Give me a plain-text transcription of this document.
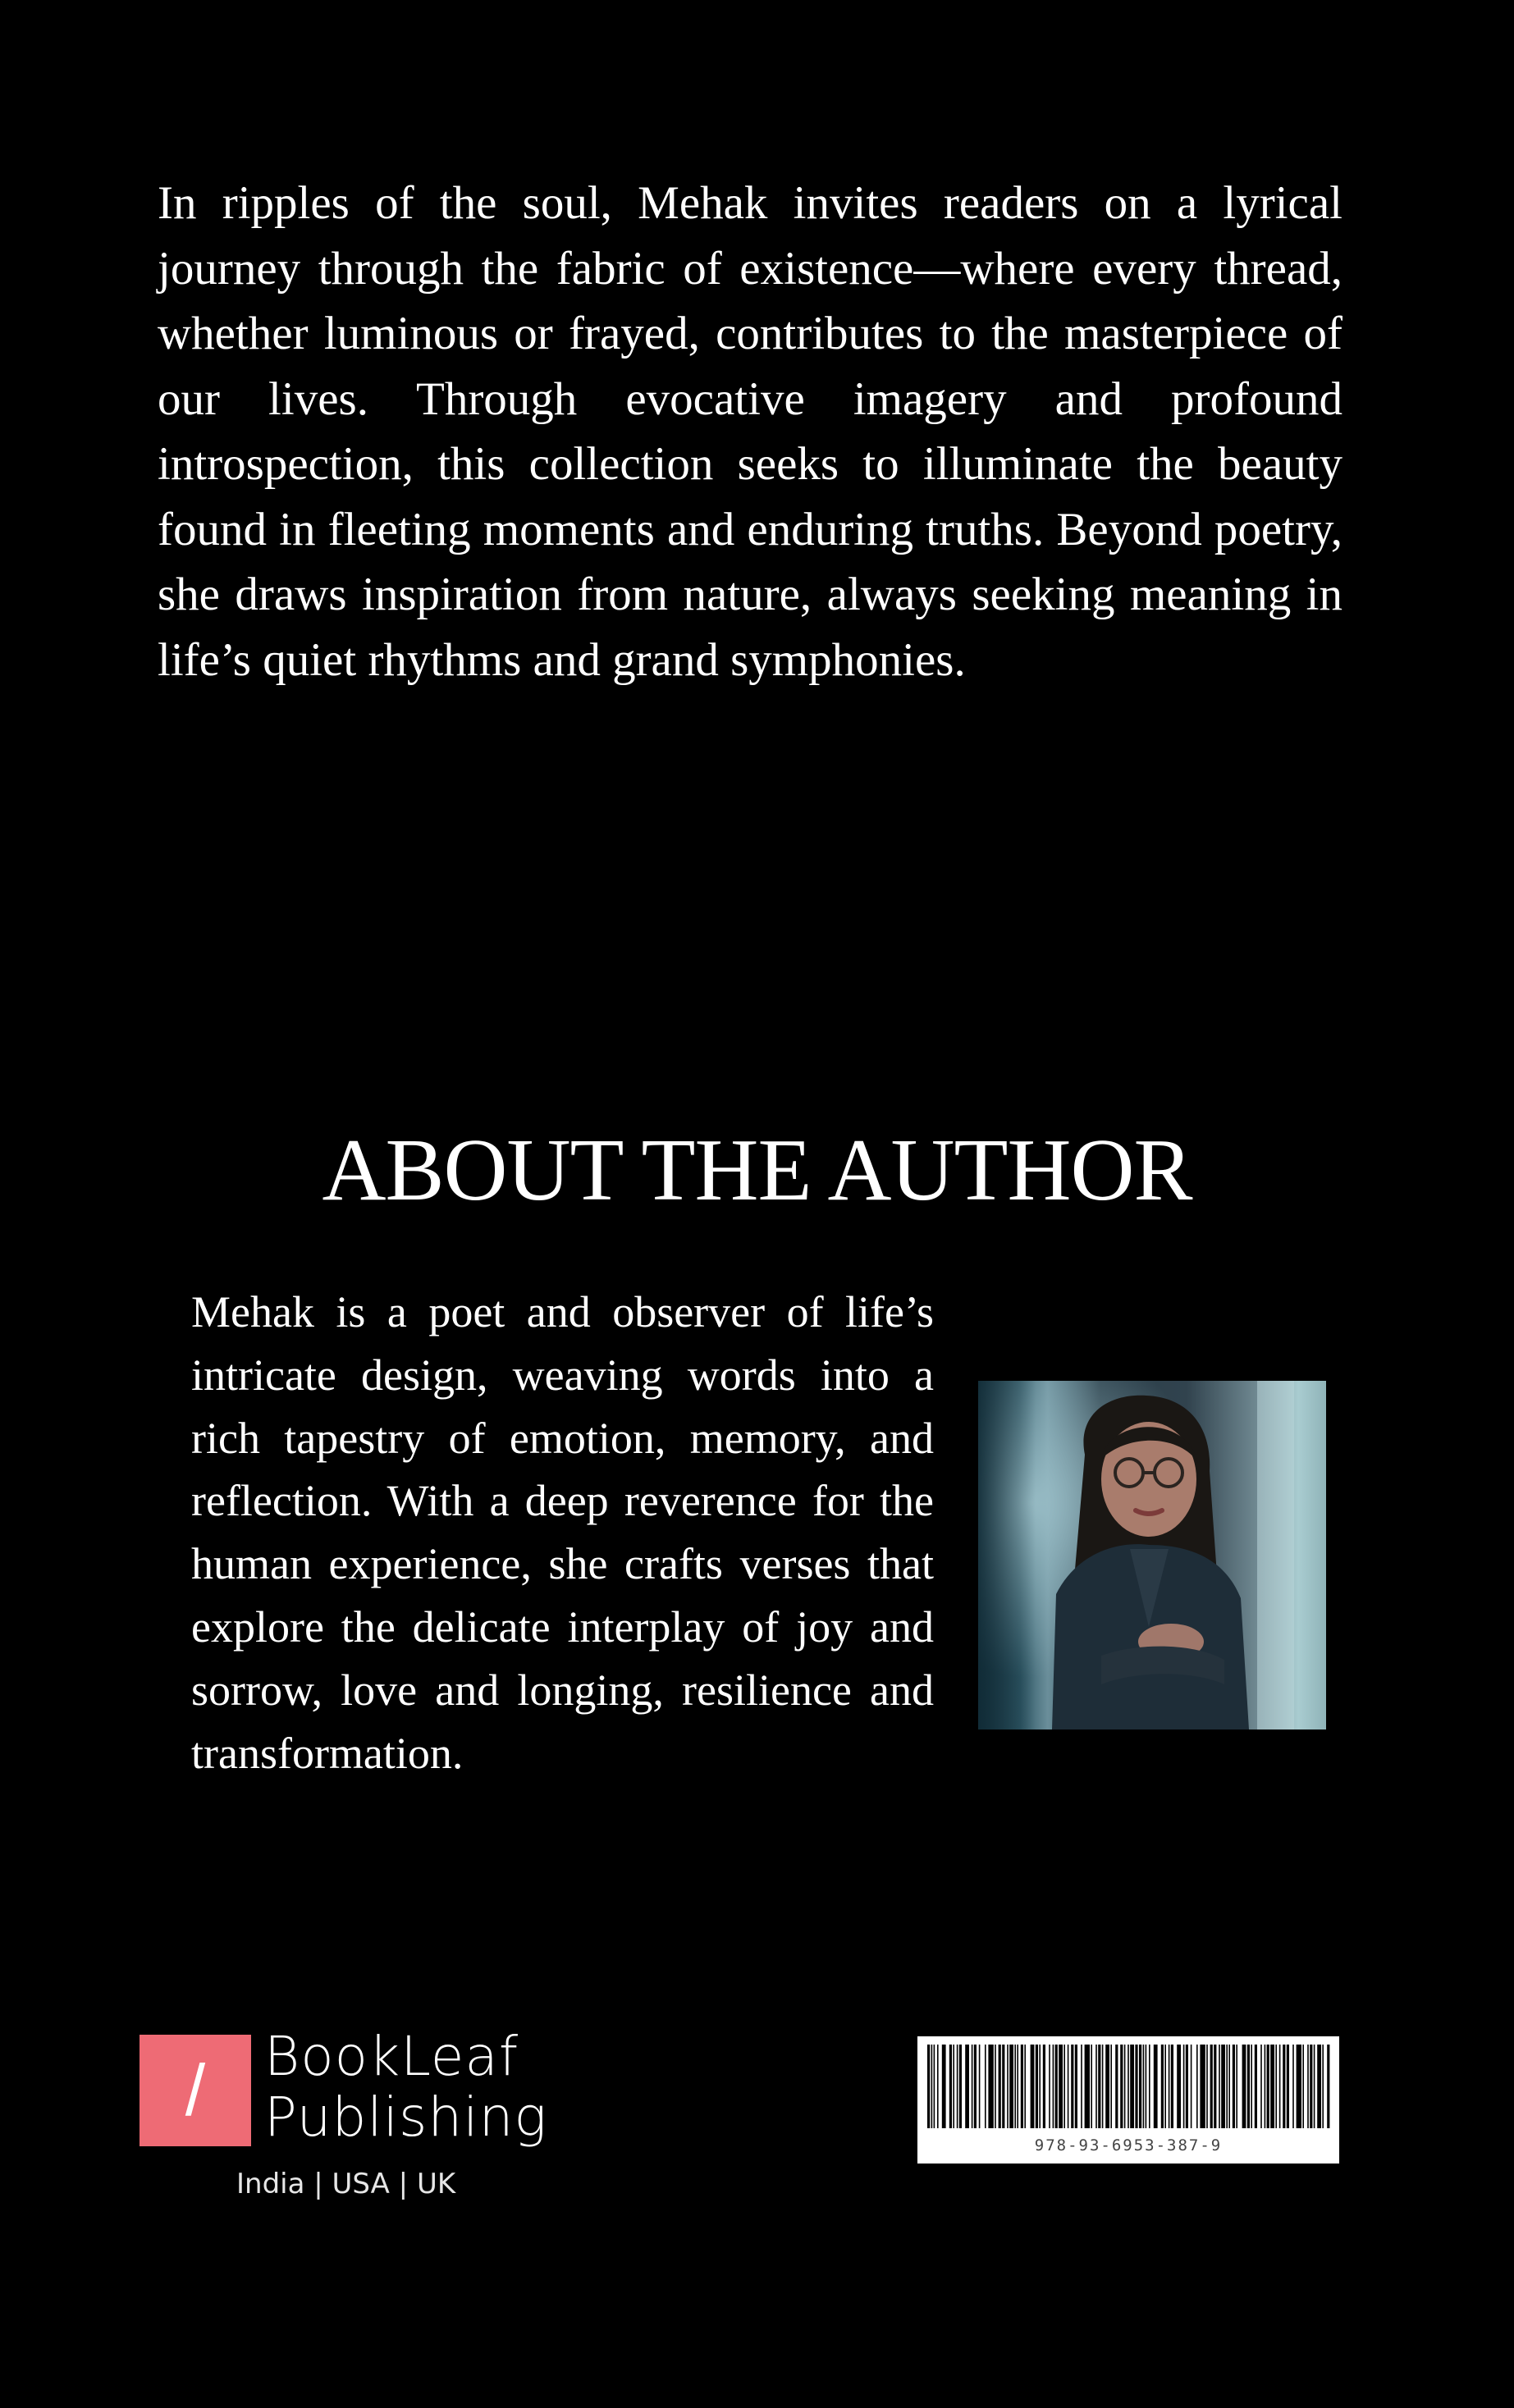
In ripples of the soul, Mehak invites readers on a lyrical journey through the fabric of existence—where every thread, whether luminous or frayed, contributes to the masterpiece of our lives. Through evocative imagery and profound introspection, this collection seeks to illuminate the beauty found in fleeting moments and enduring truths. Beyond poetry, she draws inspiration from nature, always seeking meaning in life’s quiet rhythms and grand symphonies.

ABOUT THE AUTHOR

Mehak is a poet and observer of life’s intricate design, weaving words into a rich tapestry of emotion, memory, and reflection. With a deep reverence for the human experience, she crafts verses that explore the delicate interplay of joy and sorrow, love and longing, resilience and transformation.

/ BookLeaf
Publishing
India | USA | UK
978-93-6953-387-9
